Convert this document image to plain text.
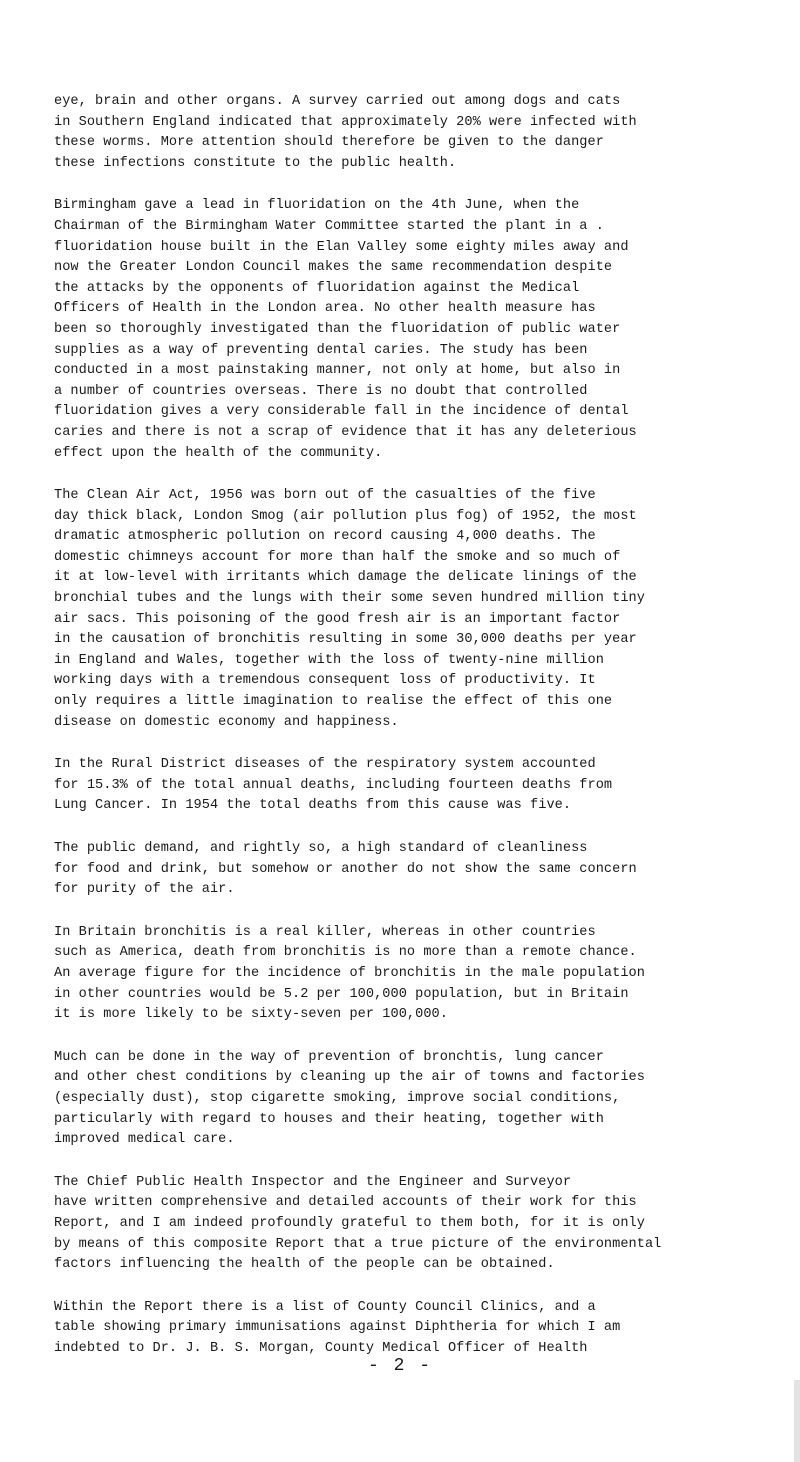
eye, brain and other organs. A survey carried out among dogs and cats
in Southern England indicated that approximately 20% were infected with
these worms. More attention should therefore be given to the danger
these infections constitute to the public health.

Birmingham gave a lead in fluoridation on the 4th June, when the
Chairman of the Birmingham Water Committee started the plant in a .
fluoridation house built in the Elan Valley some eighty miles away and
now the Greater London Council makes the same recommendation despite
the attacks by the opponents of fluoridation against the Medical
Officers of Health in the London area. No other health measure has
been so thoroughly investigated than the fluoridation of public water
supplies as a way of preventing dental caries. The study has been
conducted in a most painstaking manner, not only at home, but also in
a number of countries overseas. There is no doubt that controlled
fluoridation gives a very considerable fall in the incidence of dental
caries and there is not a scrap of evidence that it has any deleterious
effect upon the health of the community.

The Clean Air Act, 1956 was born out of the casualties of the five
day thick black, London Smog (air pollution plus fog) of 1952, the most
dramatic atmospheric pollution on record causing 4,000 deaths. The
domestic chimneys account for more than half the smoke and so much of
it at low-level with irritants which damage the delicate linings of the
bronchial tubes and the lungs with their some seven hundred million tiny
air sacs. This poisoning of the good fresh air is an important factor
in the causation of bronchitis resulting in some 30,000 deaths per year
in England and Wales, together with the loss of twenty-nine million
working days with a tremendous consequent loss of productivity. It
only requires a little imagination to realise the effect of this one
disease on domestic economy and happiness.

In the Rural District diseases of the respiratory system accounted
for 15.3% of the total annual deaths, including fourteen deaths from
Lung Cancer. In 1954 the total deaths from this cause was five.

The public demand, and rightly so, a high standard of cleanliness
for food and drink, but somehow or another do not show the same concern
for purity of the air.

In Britain bronchitis is a real killer, whereas in other countries
such as America, death from bronchitis is no more than a remote chance.
An average figure for the incidence of bronchitis in the male population
in other countries would be 5.2 per 100,000 population, but in Britain
it is more likely to be sixty-seven per 100,000.

Much can be done in the way of prevention of bronchtis, lung cancer
and other chest conditions by cleaning up the air of towns and factories
(especially dust), stop cigarette smoking, improve social conditions,
particularly with regard to houses and their heating, together with
improved medical care.

The Chief Public Health Inspector and the Engineer and Surveyor
have written comprehensive and detailed accounts of their work for this
Report, and I am indeed profoundly grateful to them both, for it is only
by means of this composite Report that a true picture of the environmental
factors influencing the health of the people can be obtained.

Within the Report there is a list of County Council Clinics, and a
table showing primary immunisations against Diphtheria for which I am
indebted to Dr. J. B. S. Morgan, County Medical Officer of Health

- 2 -
